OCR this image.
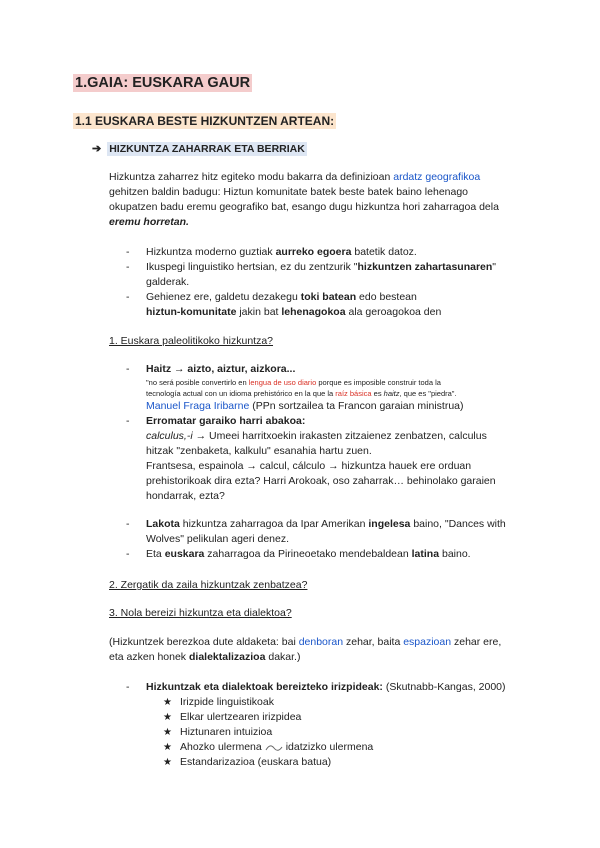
1.GAIA: EUSKARA GAUR
1.1 EUSKARA BESTE HIZKUNTZEN ARTEAN:
➔ HIZKUNTZA ZAHARRAK ETA BERRIAK
Hizkuntza zaharrez hitz egiteko modu bakarra da definizioan ardatz geografikoa
gehitzen baldin badugu: Hiztun komunitate batek beste batek baino lehenago
okupatzen badu eremu geografiko bat, esango dugu hizkuntza hori zaharragoa dela
eremu horretan.
- Hizkuntza moderno guztiak aurreko egoera batetik datoz.
- Ikuspegi linguistiko hertsian, ez du zentzurik "hizkuntzen zahartasunaren"
galderak.
- Gehienez ere, galdetu dezakegu toki batean edo bestean
hiztun-komunitate jakin bat lehenagokoa ala geroagokoa den
1. Euskara paleolitikoko hizkuntza?
- Haitz → aizto, aiztur, aizkora...
"no será posible convertirlo en lengua de uso diario porque es imposible construir toda la
tecnología actual con un idioma prehistórico en la que la raíz básica es haitz, que es "piedra".
Manuel Fraga Iribarne (PPn sortzailea ta Francon garaian ministrua)
- Erromatar garaiko harri abakoa:
calculus,-i → Umeei harritxoekin irakasten zitzaienez zenbatzen, calculus
hitzak "zenbaketa, kalkulu" esanahia hartu zuen.
Frantsesa, espainola → calcul, cálculo → hizkuntza hauek ere orduan
prehistorikoak dira ezta? Harri Arokoak, oso zaharrak… behinolako garaien
hondarrak, ezta?
- Lakota hizkuntza zaharragoa da Ipar Amerikan ingelesa baino, "Dances with
Wolves" pelikulan ageri denez.
- Eta euskara zaharragoa da Pirineoetako mendebaldean latina baino.
2. Zergatik da zaila hizkuntzak zenbatzea?
3. Nola bereizi hizkuntza eta dialektoa?
(Hizkuntzek berezkoa dute aldaketa: bai denboran zehar, baita espazioan zehar ere,
eta azken honek dialektalizazioa dakar.)
- Hizkuntzak eta dialektoak bereizteko irizpideak: (Skutnabb-Kangas, 2000)
★ Irizpide linguistikoak
★ Elkar ulertzearen irizpidea
★ Hiztunaren intuizioa
★ Ahozko ulermena idatzizko ulermena
★ Estandarizazioa (euskara batua)
